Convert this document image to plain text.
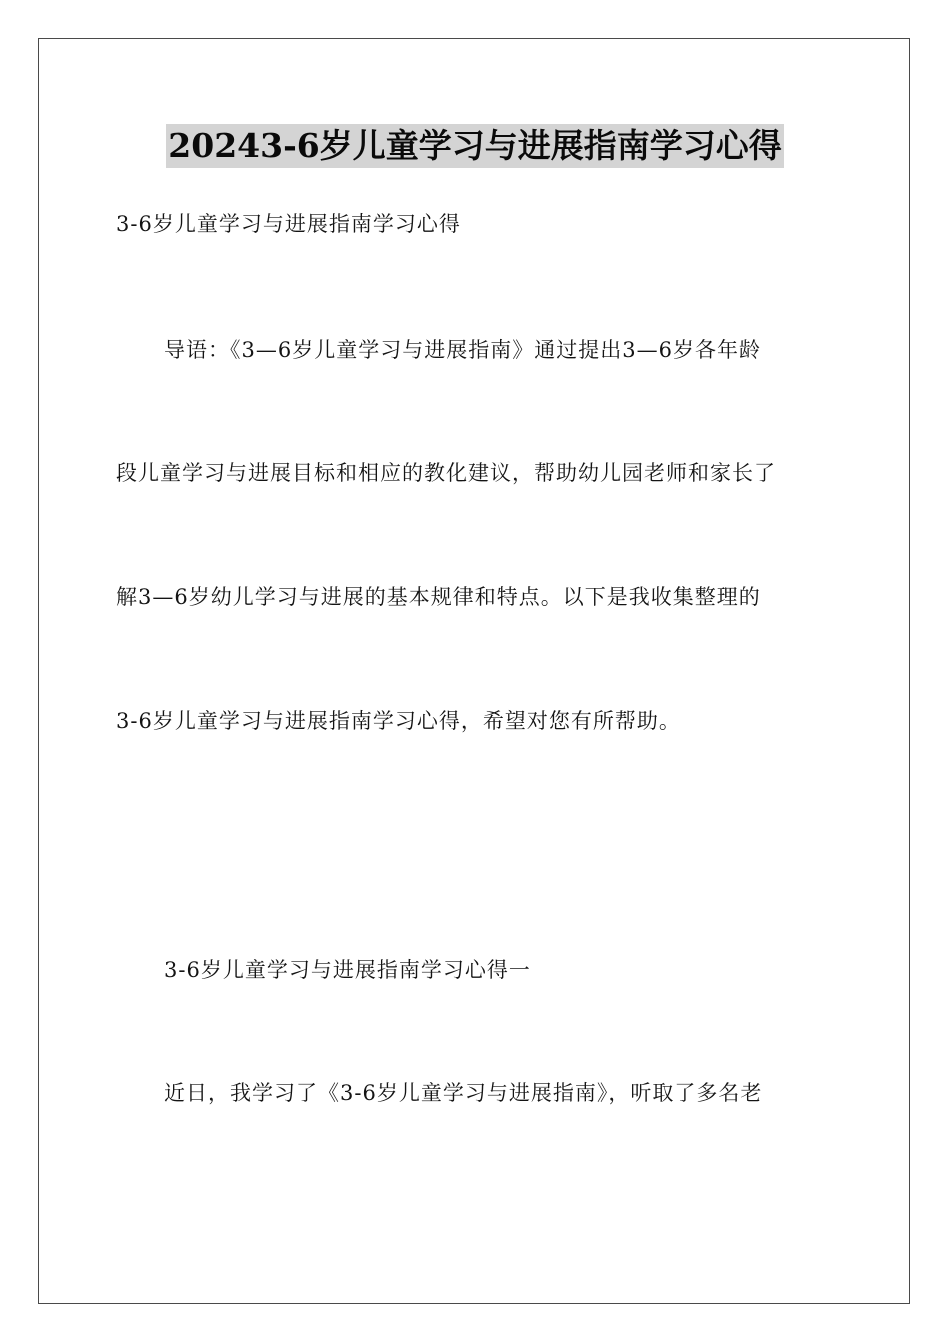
20243-6岁儿童学习与进展指南学习心得
3-6岁儿童学习与进展指南学习心得
导语：《3—6岁儿童学习与进展指南》通过提出3—6岁各年龄
段儿童学习与进展目标和相应的教化建议，帮助幼儿园老师和家长了
解3—6岁幼儿学习与进展的基本规律和特点。以下是我收集整理的
3-6岁儿童学习与进展指南学习心得，希望对您有所帮助。
3-6岁儿童学习与进展指南学习心得一
近日，我学习了《3-6岁儿童学习与进展指南》，听取了多名老
